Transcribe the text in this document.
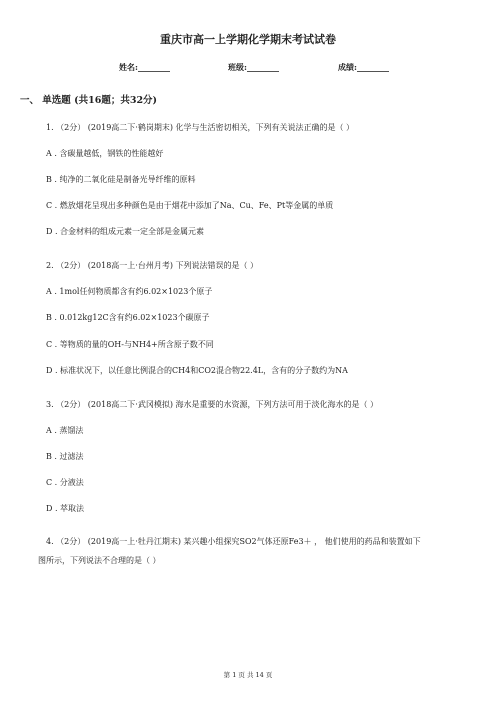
重庆市高一上学期化学期末考试试卷
姓名:________	班级:________	成绩:________
一、 单选题 (共16题；共32分)
1. （2分） (2019高二下·鹤岗期末) 化学与生活密切相关，下列有关说法正确的是（ ）
A . 含碳量越低，钢铁的性能越好
B . 纯净的二氧化硅是制备光导纤维的原料
C . 燃放烟花呈现出多种颜色是由于烟花中添加了Na、Cu、Fe、Pt等金属的单质
D . 合金材料的组成元素一定全部是金属元素
2. （2分） (2018高一上·台州月考) 下列说法错误的是（ ）
A . 1mol任何物质都含有约6.02×1023个原子
B . 0.012kg12C含有约6.02×1023个碳原子
C . 等物质的量的OH-与NH4+所含原子数不同
D . 标准状况下，以任意比例混合的CH4和CO2混合物22.4L，含有的分子数约为NA
3. （2分） (2018高二下·武冈模拟) 海水是重要的水资源，下列方法可用于淡化海水的是（ ）
A . 蒸馏法
B . 过滤法
C . 分液法
D . 萃取法
4. （2分） (2019高一上·牡丹江期末) 某兴趣小组探究SO2气体还原Fe3＋ ， 他们使用的药品和装置如下
图所示，下列说法不合理的是（ ）
第 1 页 共 14 页
